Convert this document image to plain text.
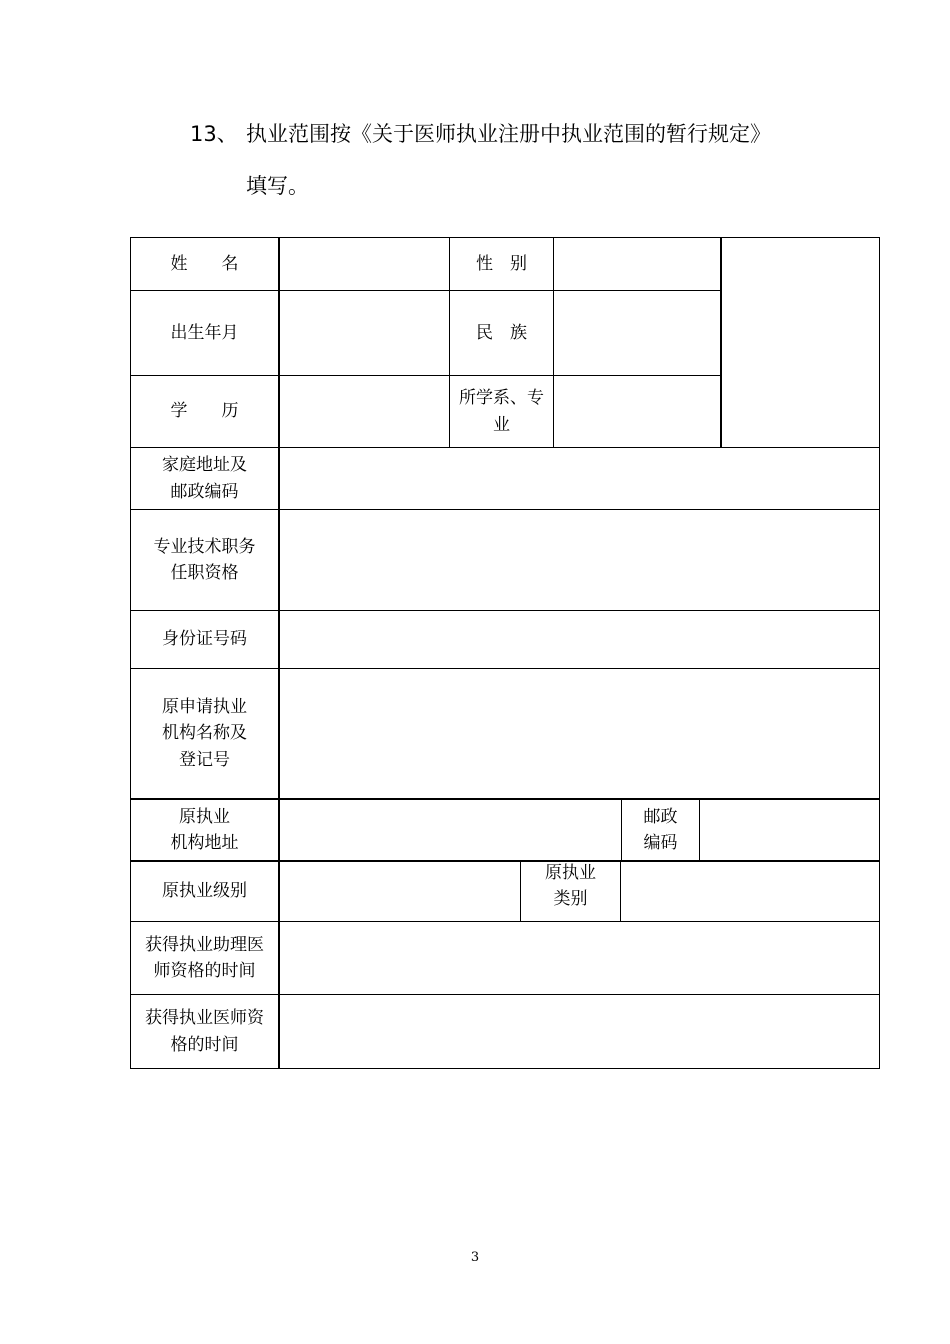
13、 执业范围按《关于医师执业注册中执业范围的暂行规定》
填写。
姓　　名	性　别
出生年月	民　族
学　　历
所学系、专
业
家庭地址及
邮政编码
专业技术职务
任职资格
身份证号码
原申请执业
机构名称及
登记号
原执业
机构地址
邮政
编码
原执业级别
原执业
类别
获得执业助理医
师资格的时间
获得执业医师资
格的时间
3
